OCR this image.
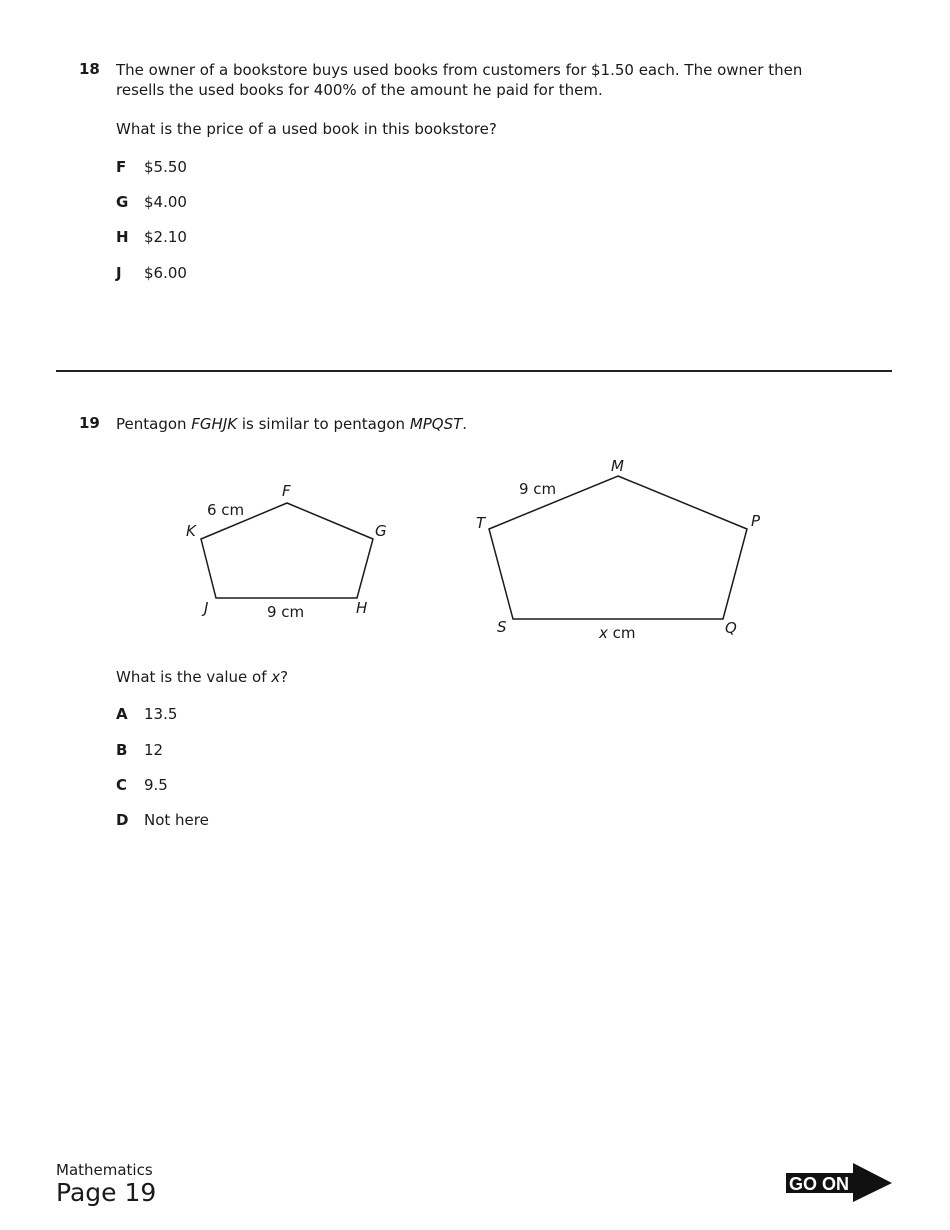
18 The owner of a bookstore buys used books from customers for $1.50 each. The owner then
resells the used books for 400% of the amount he paid for them.
What is the price of a used book in this bookstore?
F $5.50
G $4.00
H $2.10
J $6.00
19 Pentagon FGHJK is similar to pentagon MPQST.
F
G
H
J
K
6 cm
9 cm
M
P
Q
S
T
9 cm
x cm
What is the value of x?
A 13.5
B 12
C 9.5
D Not here
Mathematics
Page 19	GO ON
